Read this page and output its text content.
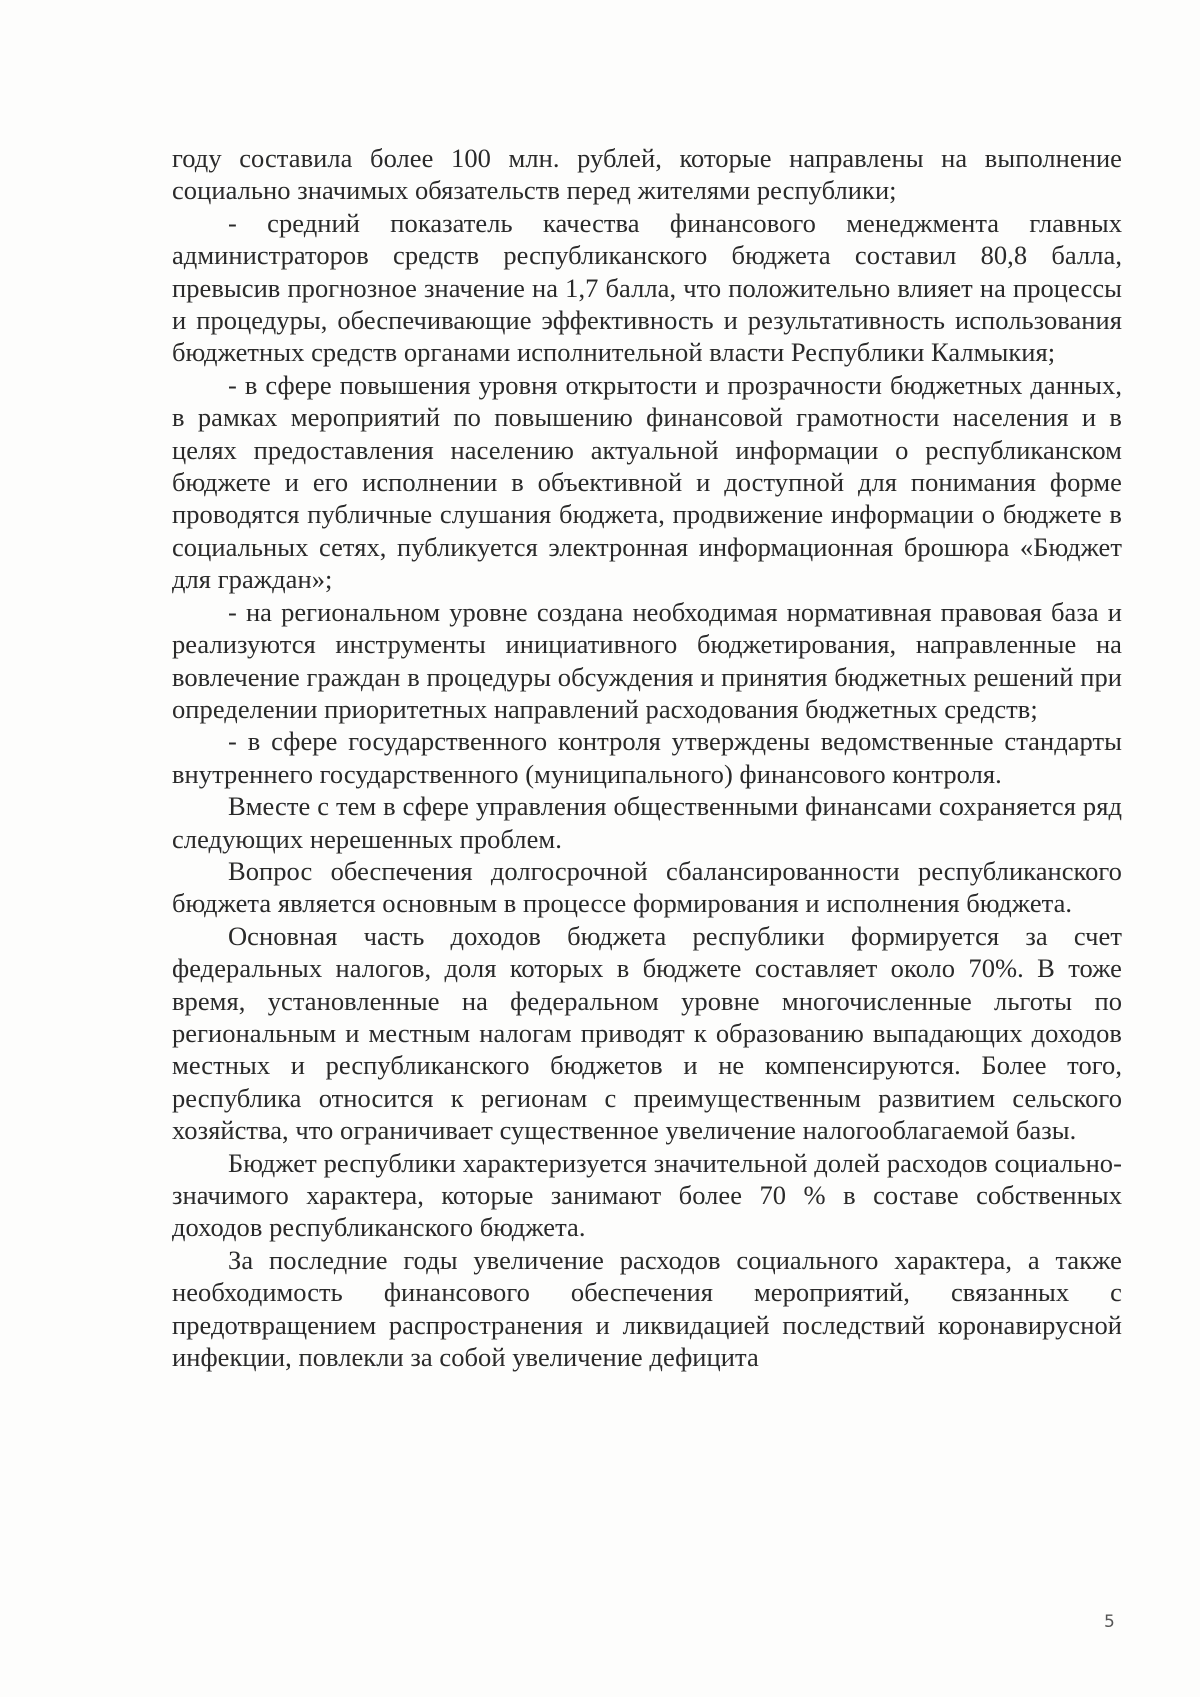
году составила более 100 млн. рублей, которые направлены на выполнение социально значимых обязательств перед жителями республики;

- средний показатель качества финансового менеджмента главных администраторов средств республиканского бюджета составил 80,8 балла, превысив прогнозное значение на 1,7 балла, что положительно влияет на процессы и процедуры, обеспечивающие эффективность и результативность использования бюджетных средств органами исполнительной власти Республики Калмыкия;

- в сфере повышения уровня открытости и прозрачности бюджетных данных, в рамках мероприятий по повышению финансовой грамотности населения и в целях предоставления населению актуальной информации о республиканском бюджете и его исполнении в объективной и доступной для понимания форме проводятся публичные слушания бюджета, продвижение информации о бюджете в социальных сетях, публикуется электронная информационная брошюра «Бюджет для граждан»;

- на региональном уровне создана необходимая нормативная правовая база и реализуются инструменты инициативного бюджетирования, направленные на вовлечение граждан в процедуры обсуждения и принятия бюджетных решений при определении приоритетных направлений расходования бюджетных средств;

- в сфере государственного контроля утверждены ведомственные стандарты внутреннего государственного (муниципального) финансового контроля.

Вместе с тем в сфере управления общественными финансами сохраняется ряд следующих нерешенных проблем.

Вопрос обеспечения долгосрочной сбалансированности республиканского бюджета является основным в процессе формирования и исполнения бюджета.

Основная часть доходов бюджета республики формируется за счет федеральных налогов, доля которых в бюджете составляет около 70%. В тоже время, установленные на федеральном уровне многочисленные льготы по региональным и местным налогам приводят к образованию выпадающих доходов местных и республиканского бюджетов и не компенсируются. Более того, республика относится к регионам с преимущественным развитием сельского хозяйства, что ограничивает существенное увеличение налогооблагаемой базы.

Бюджет республики характеризуется значительной долей расходов социально-значимого характера, которые занимают более 70 % в составе собственных доходов республиканского бюджета.

За последние годы увеличение расходов социального характера, а также необходимость финансового обеспечения мероприятий, связанных с предотвращением распространения и ликвидацией последствий коронавирусной инфекции, повлекли за собой увеличение дефицита

5
